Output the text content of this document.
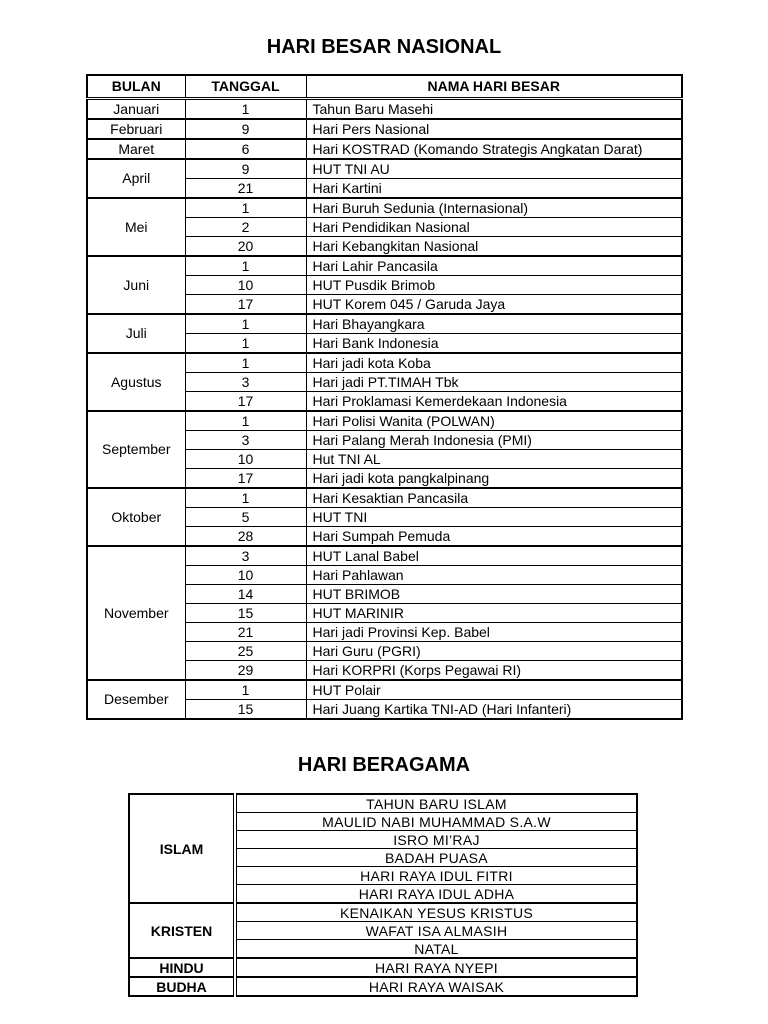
HARI BESAR NASIONAL
BULAN	TANGGAL	NAMA HARI BESAR
Januari	1	Tahun Baru Masehi
Februari	9	Hari Pers Nasional
Maret	6	Hari KOSTRAD (Komando Strategis Angkatan Darat)
April	9	HUT TNI AU
	21	Hari Kartini
Mei	1	Hari Buruh Sedunia (Internasional)
	2	Hari Pendidikan Nasional
	20	Hari Kebangkitan Nasional
Juni	1	Hari Lahir Pancasila
	10	HUT Pusdik Brimob
	17	HUT Korem 045 / Garuda Jaya
Juli	1	Hari Bhayangkara
	1	Hari Bank Indonesia
Agustus	1	Hari jadi kota Koba
	3	Hari jadi PT.TIMAH Tbk
	17	Hari Proklamasi Kemerdekaan Indonesia
September	1	Hari Polisi Wanita (POLWAN)
	3	Hari Palang Merah Indonesia (PMI)
	10	Hut TNI AL
	17	Hari jadi kota pangkalpinang
Oktober	1	Hari Kesaktian Pancasila
	5	HUT TNI
	28	Hari Sumpah Pemuda
November	3	HUT Lanal Babel
	10	Hari Pahlawan
	14	HUT BRIMOB
	15	HUT MARINIR
	21	Hari jadi Provinsi Kep. Babel
	25	Hari Guru (PGRI)
	29	Hari KORPRI (Korps Pegawai RI)
Desember	1	HUT Polair
	15	Hari Juang Kartika TNI-AD (Hari Infanteri)
HARI BERAGAMA
ISLAM	TAHUN BARU ISLAM
	MAULID NABI MUHAMMAD S.A.W
	ISRO MI’RAJ
	BADAH PUASA
	HARI RAYA IDUL FITRI
	HARI RAYA IDUL ADHA
KRISTEN	KENAIKAN YESUS KRISTUS
	WAFAT ISA ALMASIH
	NATAL
HINDU	HARI RAYA NYEPI
BUDHA	HARI RAYA WAISAK
